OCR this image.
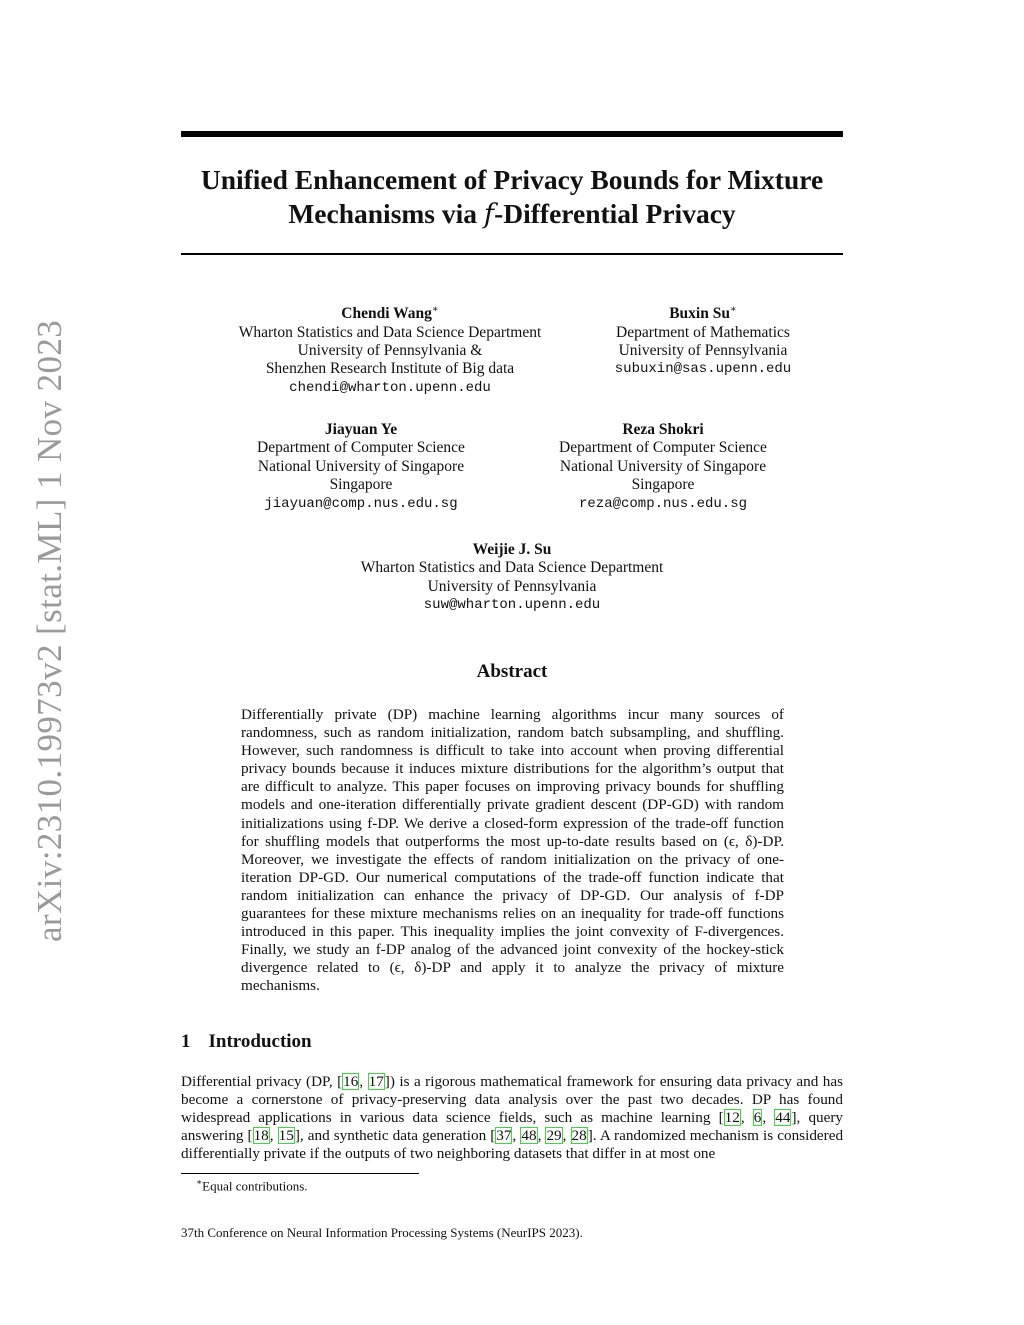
arXiv:2310.19973v2 [stat.ML] 1 Nov 2023
Unified Enhancement of Privacy Bounds for Mixture
Mechanisms via f-Differential Privacy
Chendi Wang∗
Wharton Statistics and Data Science Department
University of Pennsylvania &
Shenzhen Research Institute of Big data
chendi@wharton.upenn.edu
Buxin Su∗
Department of Mathematics
University of Pennsylvania
subuxin@sas.upenn.edu
Jiayuan Ye
Department of Computer Science
National University of Singapore
Singapore
jiayuan@comp.nus.edu.sg
Reza Shokri
Department of Computer Science
National University of Singapore
Singapore
reza@comp.nus.edu.sg
Weijie J. Su
Wharton Statistics and Data Science Department
University of Pennsylvania
suw@wharton.upenn.edu
Abstract
Differentially private (DP) machine learning algorithms incur many sources of randomness, such as random initialization, random batch subsampling, and shuffling. However, such randomness is difficult to take into account when proving differential privacy bounds because it induces mixture distributions for the algorithm’s output that are difficult to analyze. This paper focuses on improving privacy bounds for shuffling models and one-iteration differentially private gradient descent (DP-GD) with random initializations using f-DP. We derive a closed-form expression of the trade-off function for shuffling models that outperforms the most up-to-date results based on (ϵ, δ)-DP. Moreover, we investigate the effects of random initialization on the privacy of one-iteration DP-GD. Our numerical computations of the trade-off function indicate that random initialization can enhance the privacy of DP-GD. Our analysis of f-DP guarantees for these mixture mechanisms relies on an inequality for trade-off functions introduced in this paper. This inequality implies the joint convexity of F-divergences. Finally, we study an f-DP analog of the advanced joint convexity of the hockey-stick divergence related to (ϵ, δ)-DP and apply it to analyze the privacy of mixture mechanisms.
1 Introduction
Differential privacy (DP, [16, 17]) is a rigorous mathematical framework for ensuring data privacy and has become a cornerstone of privacy-preserving data analysis over the past two decades. DP has found widespread applications in various data science fields, such as machine learning [12, 6, 44], query answering [18, 15], and synthetic data generation [37, 48, 29, 28]. A randomized mechanism is considered differentially private if the outputs of two neighboring datasets that differ in at most one
∗Equal contributions.
37th Conference on Neural Information Processing Systems (NeurIPS 2023).
